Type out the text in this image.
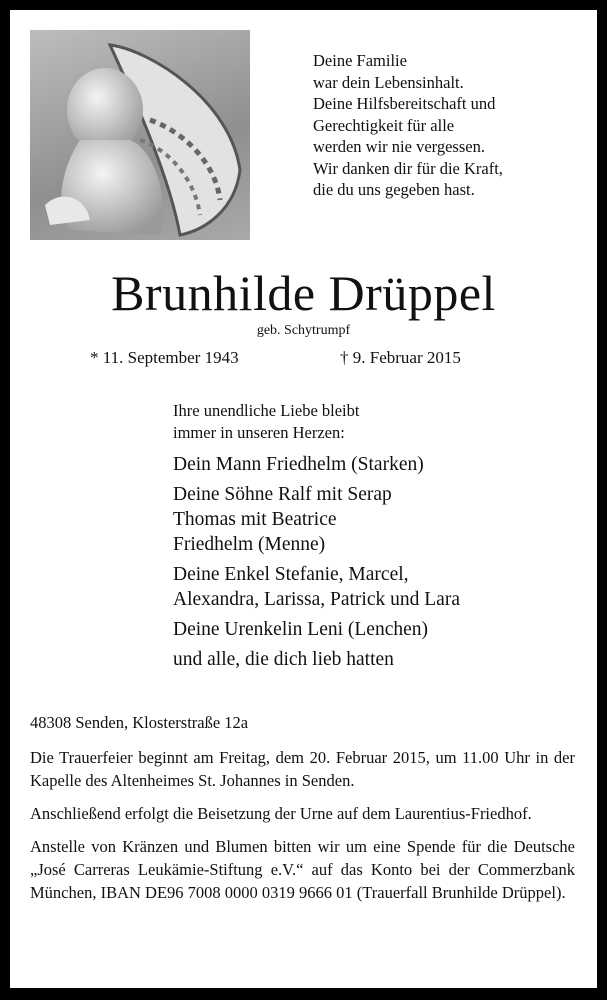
Deine Familie
war dein Lebensinhalt.
Deine Hilfsbereitschaft und
Gerechtigkeit für alle
werden wir nie vergessen.
Wir danken dir für die Kraft,
die du uns gegeben hast.
Brunhilde Drüppel
geb. Schytrumpf
* 11. September 1943	† 9. Februar 2015
Ihre unendliche Liebe bleibt
immer in unseren Herzen:
Dein Mann Friedhelm (Starken)
Deine Söhne Ralf mit Serap
Thomas mit Beatrice
Friedhelm (Menne)
Deine Enkel Stefanie, Marcel,
Alexandra, Larissa, Patrick und Lara
Deine Urenkelin Leni (Lenchen)
und alle, die dich lieb hatten
48308 Senden, Klosterstraße 12a

Die Trauerfeier beginnt am Freitag, dem 20. Februar 2015, um 11.00 Uhr in der Kapelle des Altenheimes St. Johannes in Senden.

Anschließend erfolgt die Beisetzung der Urne auf dem Laurentius-Friedhof.

Anstelle von Kränzen und Blumen bitten wir um eine Spende für die Deutsche „José Carreras Leukämie-Stiftung e.V.“ auf das Konto bei der Commerzbank München, IBAN DE96 7008 0000 0319 9666 01 (Trauerfall Brunhilde Drüppel).
